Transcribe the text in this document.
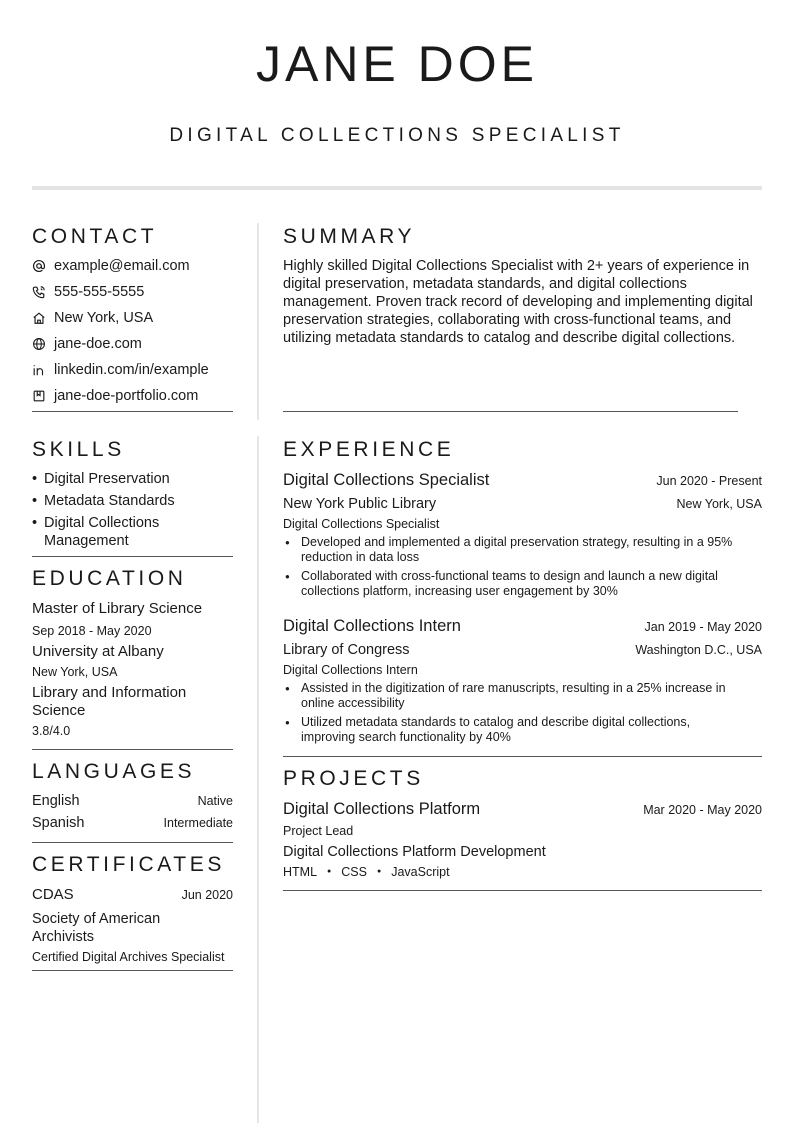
JANE DOE
DIGITAL COLLECTIONS SPECIALIST
CONTACT
example@email.com
555-555-5555
New York, USA
jane-doe.com
linkedin.com/in/example
jane-doe-portfolio.com
SUMMARY
Highly skilled Digital Collections Specialist with 2+ years of experience in digital preservation, metadata standards, and digital collections management. Proven track record of developing and implementing digital preservation strategies, collaborating with cross-functional teams, and utilizing metadata standards to catalog and describe digital collections.
SKILLS
• Digital Preservation
• Metadata Standards
• Digital Collections Management
EDUCATION
Master of Library Science
Sep 2018 - May 2020
University at Albany
New York, USA
Library and Information Science
3.8/4.0
LANGUAGES
English	Native
Spanish	Intermediate
CERTIFICATES
CDAS	Jun 2020
Society of American Archivists
Certified Digital Archives Specialist
EXPERIENCE
Digital Collections Specialist	Jun 2020 - Present
New York Public Library	New York, USA
Digital Collections Specialist
● Developed and implemented a digital preservation strategy, resulting in a 95% reduction in data loss
● Collaborated with cross-functional teams to design and launch a new digital collections platform, increasing user engagement by 30%
Digital Collections Intern	Jan 2019 - May 2020
Library of Congress	Washington D.C., USA
Digital Collections Intern
● Assisted in the digitization of rare manuscripts, resulting in a 25% increase in online accessibility
● Utilized metadata standards to catalog and describe digital collections, improving search functionality by 40%
PROJECTS
Digital Collections Platform	Mar 2020 - May 2020
Project Lead
Digital Collections Platform Development
HTML ● CSS ● JavaScript
